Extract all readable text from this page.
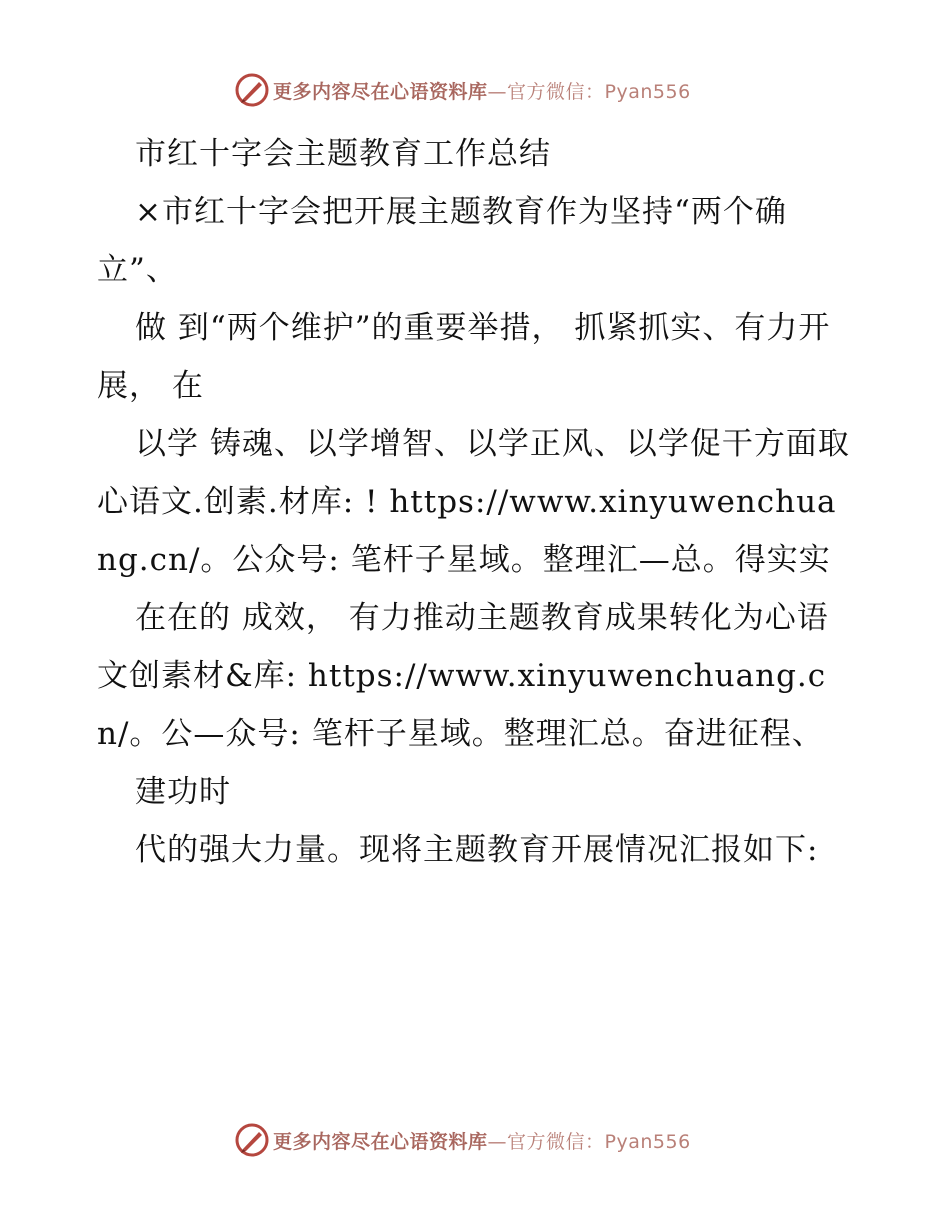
更多内容尽在心语资料库—官方微信：Pyan556

市红十字会主题教育工作总结

×市红十字会把开展主题教育作为坚持“两个确立”、

做 到“两个维护”的重要举措， 抓紧抓实、有力开展， 在

以学 铸魂、以学增智、以学正风、以学促干方面取心语文.创素.材库: ! https://www.xinyuwenchuang.cn/。公众号: 笔杆子星域。整理汇—总。得实实

在在的 成效， 有力推动主题教育成果转化为心语文创素材&库: https://www.xinyuwenchuang.cn/。公—众号: 笔杆子星域。整理汇总。奋进征程、

建功时

代的强大力量。现将主题教育开展情况汇报如下:

更多内容尽在心语资料库—官方微信：Pyan556
